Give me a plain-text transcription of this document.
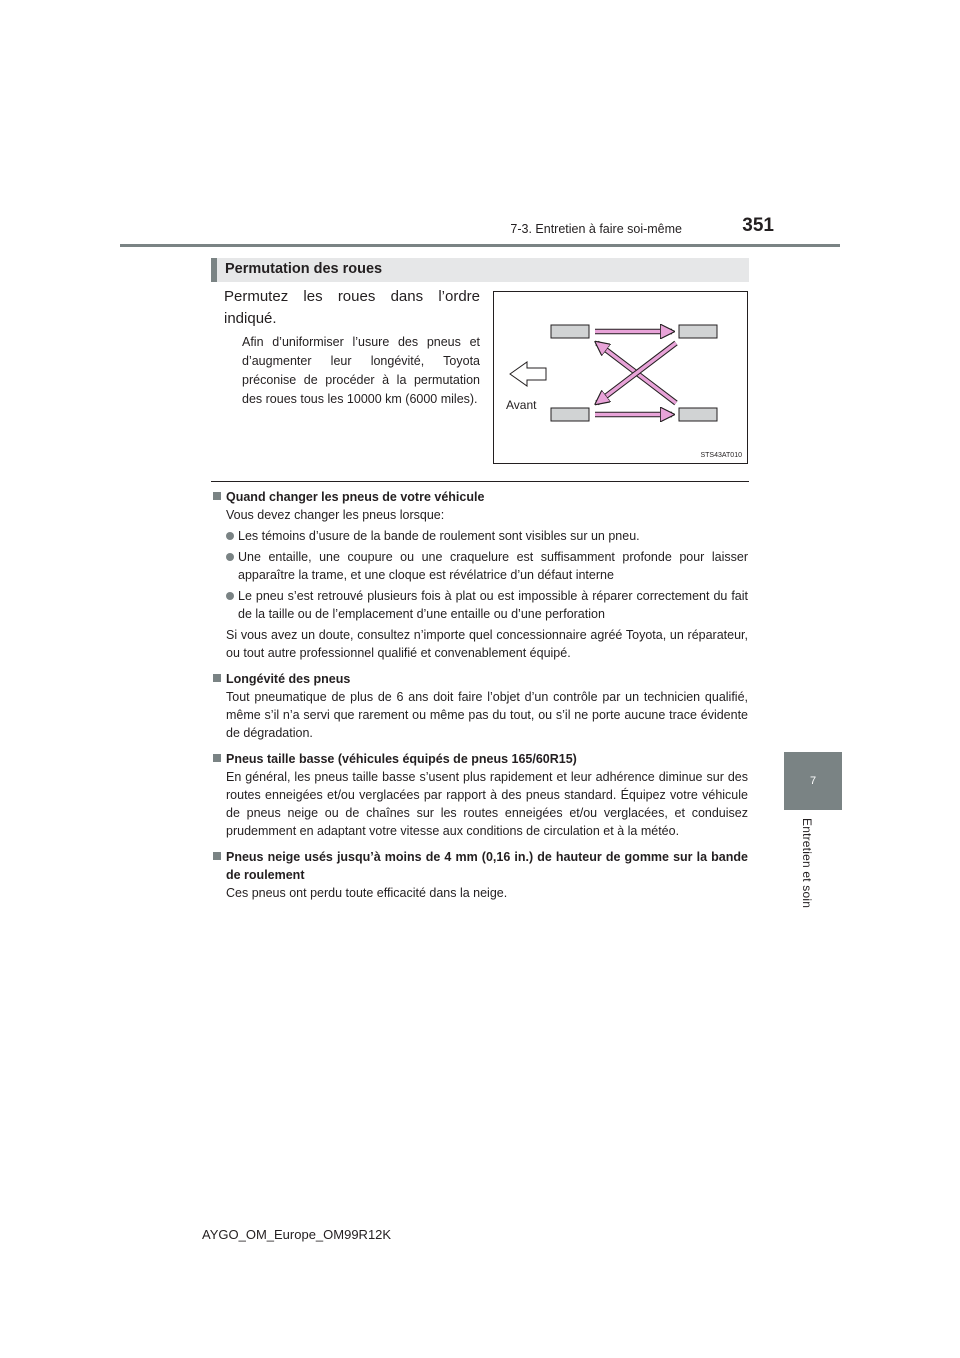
7-3. Entretien à faire soi-même	351
7
Entretien et soin
Permutation des roues
Permutez les roues dans l’ordre indiqué.
Afin d’uniformiser l’usure des pneus et d’augmenter leur longévité, Toyota préconise de procéder à la permutation des roues tous les 10000 km (6000 miles). Avant
STS43AT010

Quand changer les pneus de votre véhicule

Vous devez changer les pneus lorsque:

Les témoins d’usure de la bande de roulement sont visibles sur un pneu.

Une entaille, une coupure ou une craquelure est suffisamment profonde pour laisser apparaître la trame, et une cloque est révélatrice d’un défaut interne

Le pneu s’est retrouvé plusieurs fois à plat ou est impossible à réparer correctement du fait de la taille ou de l’emplacement d’une entaille ou d’une perforation

Si vous avez un doute, consultez n’importe quel concessionnaire agréé Toyota, un réparateur, ou tout autre professionnel qualifié et convenablement équipé.

Longévité des pneus

Tout pneumatique de plus de 6 ans doit faire l’objet d’un contrôle par un technicien qualifié, même s’il n’a servi que rarement ou même pas du tout, ou s’il ne porte aucune trace évidente de dégradation.

Pneus taille basse (véhicules équipés de pneus 165/60R15)

En général, les pneus taille basse s’usent plus rapidement et leur adhérence diminue sur des routes enneigées et/ou verglacées par rapport à des pneus standard. Équipez votre véhicule de pneus neige ou de chaînes sur les routes enneigées et/ou verglacées, et conduisez prudemment en adaptant votre vitesse aux conditions de circulation et à la météo.

Pneus neige usés jusqu’à moins de 4 mm (0,16 in.) de hauteur de gomme sur la bande de roulement

Ces pneus ont perdu toute efficacité dans la neige.

AYGO_OM_Europe_OM99R12K
